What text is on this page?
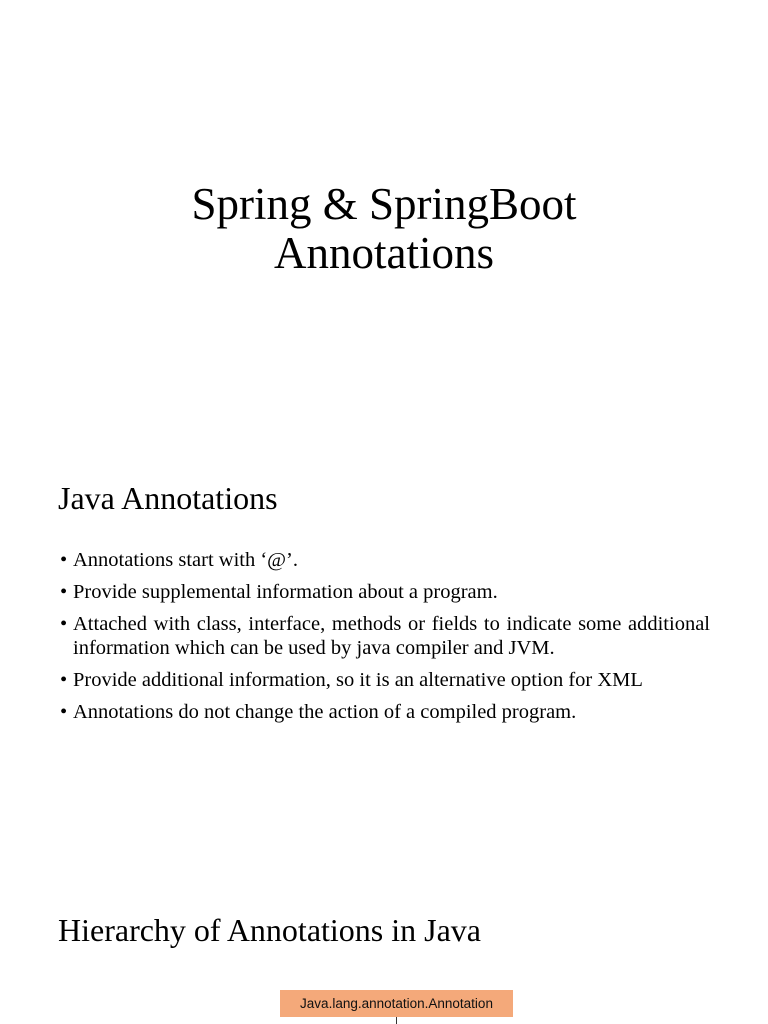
Spring & SpringBoot
Annotations
Java Annotations
• Annotations start with ‘@’.
• Provide supplemental information about a program.
• Attached with class, interface, methods or fields to indicate some additional information which can be used by java compiler and JVM.
• Provide additional information, so it is an alternative option for XML
• Annotations do not change the action of a compiled program.
Hierarchy of Annotations in Java
Java.lang.annotation.Annotation
